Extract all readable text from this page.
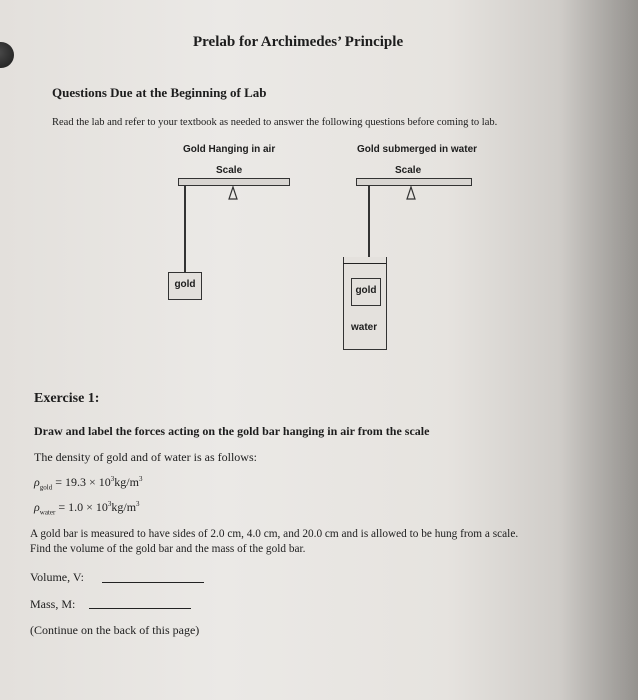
Prelab for Archimedes’ Principle
Questions Due at the Beginning of Lab
Read the lab and refer to your textbook as needed to answer the following questions before coming to lab.
Gold Hanging in air
Scale
gold
Gold submerged in water
Scale
gold
water
Exercise 1:
Draw and label the forces acting on the gold bar hanging in air from the scale
The density of gold and of water is as follows:
$\rho_{gold} = 19.3 \times 10^3kg/m^3$
$\rho_{water} = 1.0 \times 10^3kg/m^3$
A gold bar is measured to have sides of 2.0 cm, 4.0 cm, and 20.0 cm and is allowed to be hung from a scale.
Find the volume of the gold bar and the mass of the gold bar.
Volume, V:
Mass, M:
(Continue on the back of this page)
